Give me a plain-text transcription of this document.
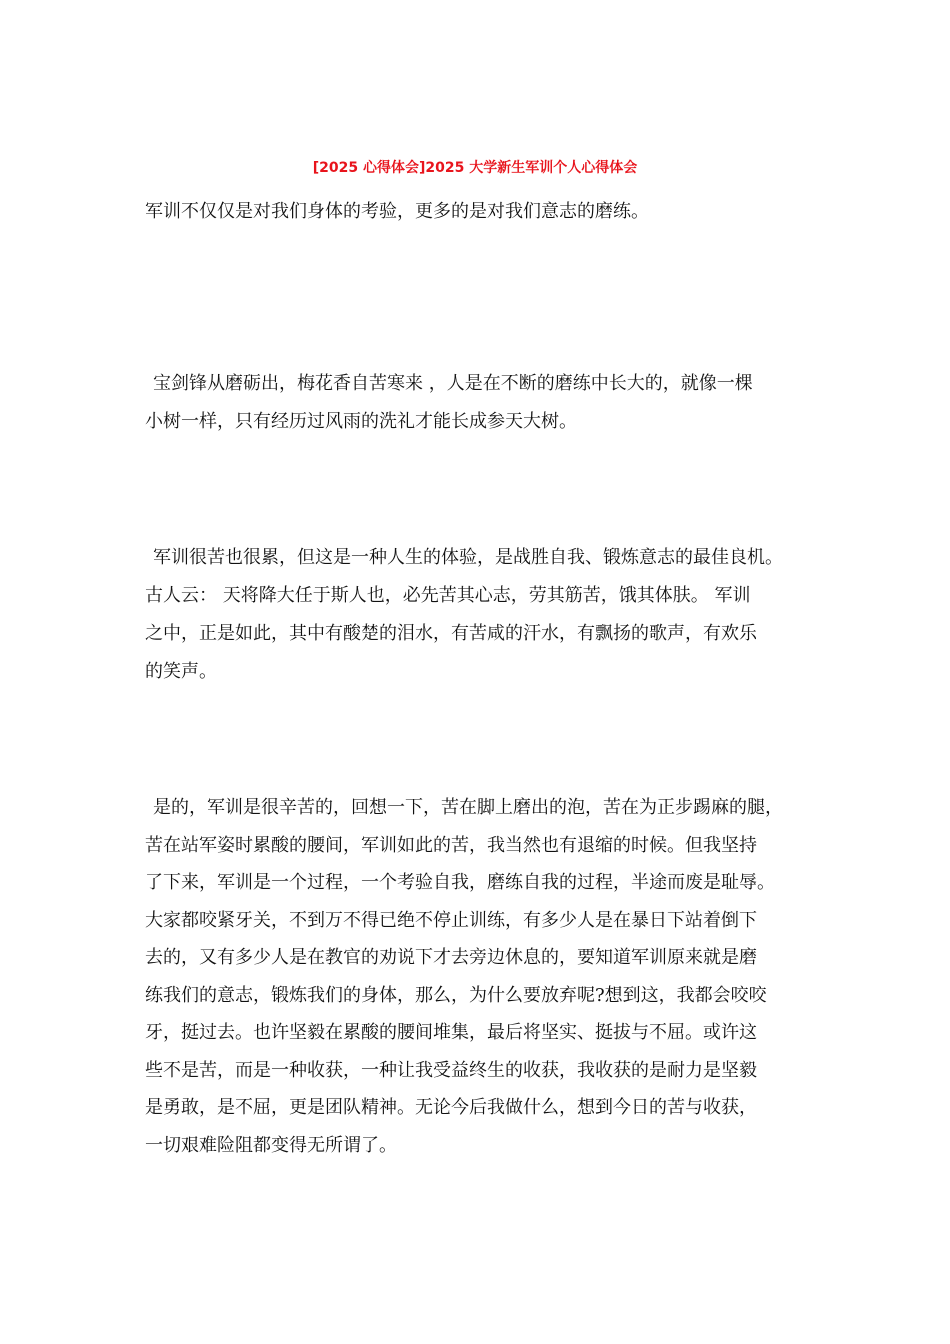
[2025 心得体会]2025 大学新生军训个人心得体会

军训不仅仅是对我们身体的考验，更多的是对我们意志的磨练。

宝剑锋从磨砺出，梅花香自苦寒来 ，人是在不断的磨练中长大的，就像一棵

小树一样，只有经历过风雨的洗礼才能长成参天大树。

军训很苦也很累，但这是一种人生的体验，是战胜自我、锻炼意志的最佳良机。

古人云： 天将降大任于斯人也，必先苦其心志，劳其筋苦，饿其体肤。 军训

之中，正是如此，其中有酸楚的泪水，有苦咸的汗水，有飘扬的歌声，有欢乐

的笑声。

是的，军训是很辛苦的，回想一下，苦在脚上磨出的泡，苦在为正步踢麻的腿，

苦在站军姿时累酸的腰间，军训如此的苦，我当然也有退缩的时候。但我坚持

了下来，军训是一个过程，一个考验自我，磨练自我的过程，半途而废是耻辱。

大家都咬紧牙关，不到万不得已绝不停止训练，有多少人是在暴日下站着倒下

去的，又有多少人是在教官的劝说下才去旁边休息的，要知道军训原来就是磨

练我们的意志，锻炼我们的身体，那么，为什么要放弃呢?想到这，我都会咬咬

牙，挺过去。也许坚毅在累酸的腰间堆集，最后将坚实、挺拔与不屈。或许这

些不是苦，而是一种收获，一种让我受益终生的收获，我收获的是耐力是坚毅

是勇敢，是不屈，更是团队精神。无论今后我做什么，想到今日的苦与收获，

一切艰难险阻都变得无所谓了。
